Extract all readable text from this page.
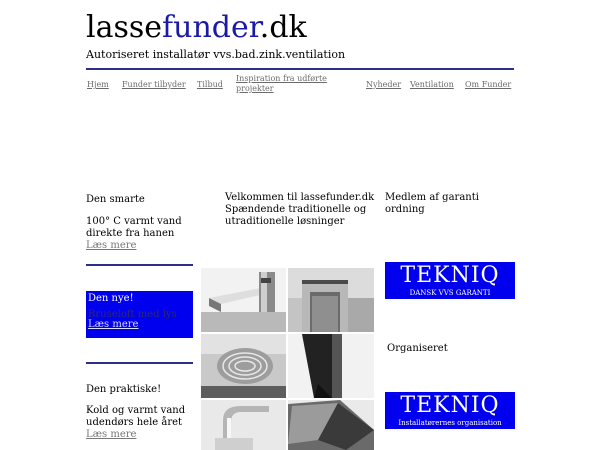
lassefunder.dk
Autoriseret installatør vvs.bad.zink.ventilation
Hjem Funder tilbyder Tilbud
Inspiration fra udførte projekter	Nyheder Ventilation Om Funder
Den smarte
100° C varmt vand direkte fra hanen
Læs mere
Den nye!
Bruseloft med lys
Læs mere
Den praktiske!
Kold og varmt vand udendørs hele året
Læs mere
Velkommen til lassefunder.dk Spændende traditionelle og utraditionelle løsninger
Medlem af garanti ordning
TEKNIQ
DANSK VVS GARANTI
Organiseret
TEKNIQ
Installatørernes organisation
